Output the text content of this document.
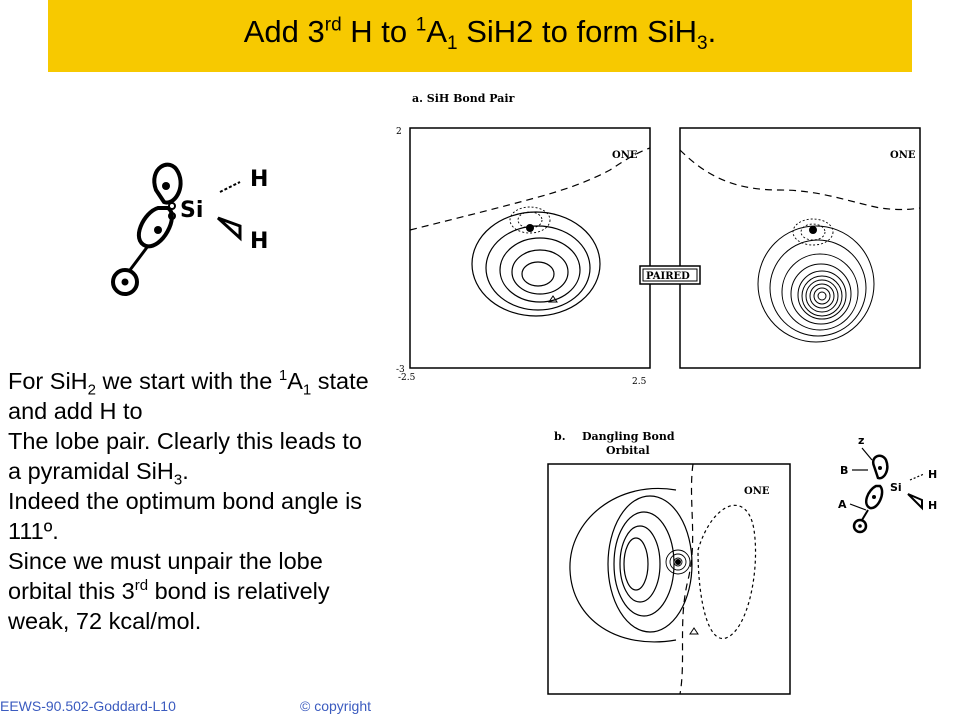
Add 3rd H to $^1A_1$ SiH2 to form SiH$_3$.
Si
H
H
a. SiH Bond Pair
2
-3
-2.5	2.5
ONE	ONE
PAIRED
b. Dangling Bond
Orbital
ONE
z
B
A
Si
H
H

For SiH$_2$ we start with the $^1A_1$ state

and add H to

The lobe pair. Clearly this leads to

a pyramidal SiH$_3$.

Indeed the optimum bond angle is

111º.

Since we must unpair the lobe

orbital this 3rd bond is relatively

weak, 72 kcal/mol.

EEWS-90.502-Goddard-L10	© copyright
